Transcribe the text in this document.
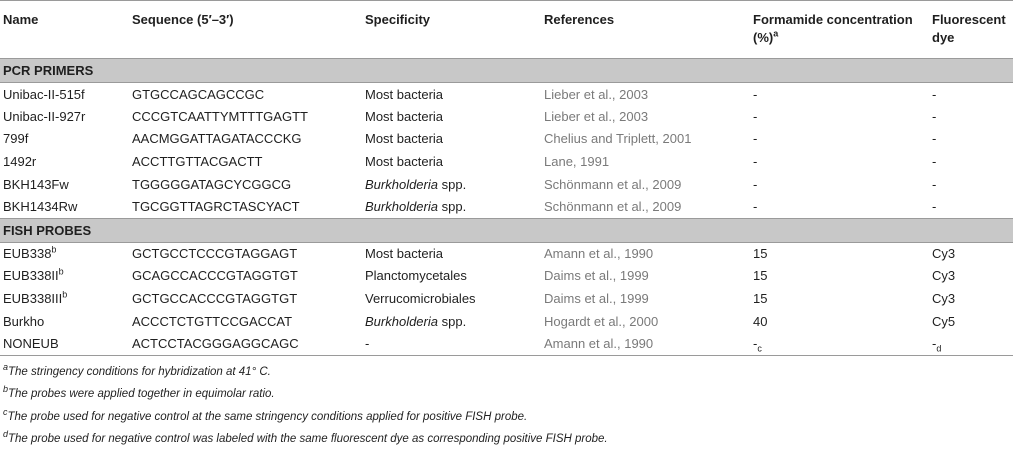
Name	Sequence (5′–3′)	Specificity	References	Formamide concentration (%)$^a$	Fluorescent
dye
PCR PRIMERS					
Unibac-II-515f	GTGCCAGCAGCCGC	Most bacteria	Lieber et al., 2003	-	-
Unibac-II-927r	CCCGTCAATTYMTTTGAGTT	Most bacteria	Lieber et al., 2003	-	-
799f	AACMGGATTAGATACCCKG	Most bacteria	Chelius and Triplett, 2001	-	-
1492r	ACCTTGTTACGACTT	Most bacteria	Lane, 1991	-	-
BKH143Fw	TGGGGGATAGCYCGGCG	Burkholderia spp.	Schönmann et al., 2009	-	-
BKH1434Rw	TGCGGTTAGRCTASCYACT	Burkholderia spp.	Schönmann et al., 2009	-	-
FISH PROBES					
EUB338$^b$	GCTGCCTCCCGTAGGAGT	Most bacteria	Amann et al., 1990	15	Cy3
$EUB338II^b$	GCAGCCACCCGTAGGTGT	Planctomycetales	Daims et al., 1999	15	Cy3
EUB338III$^b$	GCTGCCACCCGTAGGTGT	Verrucomicrobiales	Daims et al., 1999	15	Cy3
Burkho	ACCCTCTGTTCCGACCAT	Burkholderia spp.	Hogardt et al., 2000	40	Cy5
NONEUB	ACTCCTACGGGAGGCAGC	-	Amann et al., 1990	$-_c$	$-_d$
$^a$The stringency conditions for hybridization at 41° C.
$^b$The probes were applied together in equimolar ratio.
$^c$The probe used for negative control at the same stringency conditions applied for positive FISH probe.
$^d$The probe used for negative control was labeled with the same fluorescent dye as corresponding positive FISH probe.
